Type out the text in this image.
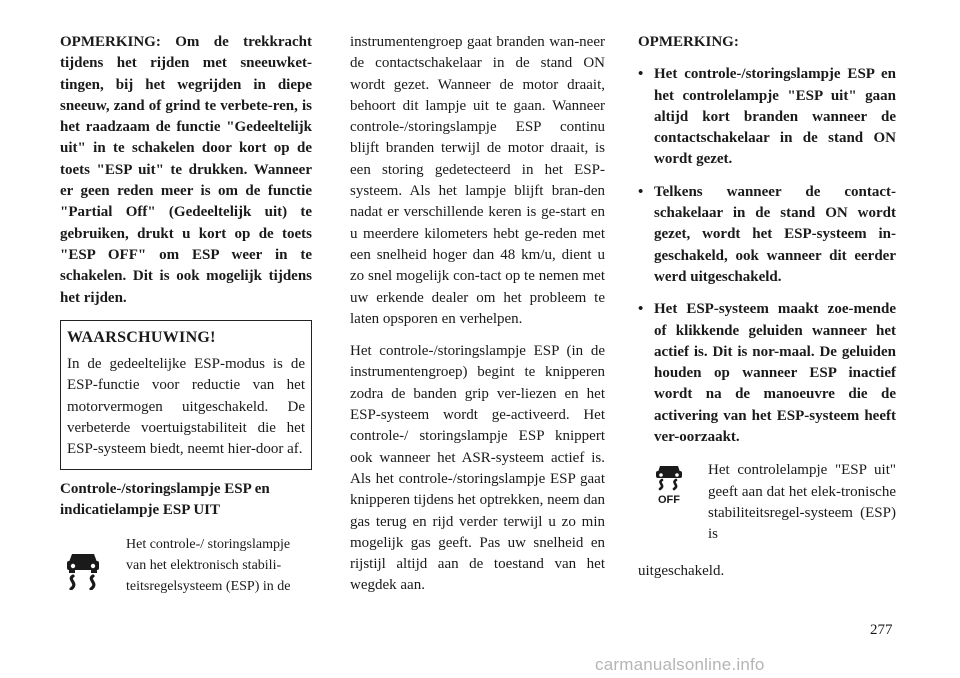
OPMERKING: Om de trekkracht tijdens het rijden met sneeuwket-tingen, bij het wegrijden in diepe sneeuw, zand of grind te verbete-ren, is het raadzaam de functie "Gedeeltelijk uit" in te schakelen door kort op de toets "ESP uit" te drukken. Wanneer er geen reden meer is om de functie "Partial Off" (Gedeeltelijk uit) te gebruiken, drukt u kort op de toets "ESP OFF" om ESP weer in te schakelen. Dit is ook mogelijk tijdens het rijden.

WAARSCHUWING!

In de gedeeltelijke ESP-modus is de ESP-functie voor reductie van het motorvermogen uitgeschakeld. De verbeterde voertuigstabiliteit die het ESP-systeem biedt, neemt hier-door af.

Controle-/storingslampje ESP en indicatielampje ESP UIT

Het controle-/ storingslampje van het elektronisch stabili-teitsregelsysteem (ESP) in de

instrumentengroep gaat branden wan-neer de contactschakelaar in de stand ON wordt gezet. Wanneer de motor draait, behoort dit lampje uit te gaan. Wanneer controle-/storingslampje ESP continu blijft branden terwijl de motor draait, is een storing gedetecteerd in het ESP-systeem. Als het lampje blijft bran-den nadat er verschillende keren is ge-start en u meerdere kilometers hebt ge-reden met een snelheid hoger dan 48 km/u, dient u zo snel mogelijk con-tact op te nemen met uw erkende dealer om het probleem te laten opsporen en verhelpen.

Het controle-/storingslampje ESP (in de instrumentengroep) begint te knipperen zodra de banden grip ver-liezen en het ESP-systeem wordt ge-activeerd. Het controle-/ storingslampje ESP knippert ook wanneer het ASR-systeem actief is. Als het controle-/storingslampje ESP gaat knipperen tijdens het optrekken, neem dan gas terug en rijd verder terwijl u zo min mogelijk gas geeft. Pas uw snelheid en rijstijl altijd aan de toestand van het wegdek aan.

OPMERKING:

• Het controle-/storingslampje ESP en het controlelampje "ESP uit" gaan altijd kort branden wanneer de contactschakelaar in de stand ON wordt gezet.
• Telkens wanneer de contact-schakelaar in de stand ON wordt gezet, wordt het ESP-systeem in-geschakeld, ook wanneer dit eerder werd uitgeschakeld.
• Het ESP-systeem maakt zoe-mende of klikkende geluiden wanneer het actief is. Dit is nor-maal. De geluiden houden op wanneer ESP inactief wordt na de manoeuvre die de activering van het ESP-systeem heeft ver-oorzaakt.
OFF

Het controlelampje "ESP uit" geeft aan dat het elek-tronische stabiliteitsregel-systeem (ESP) is

uitgeschakeld.

277
carmanualsonline.info
